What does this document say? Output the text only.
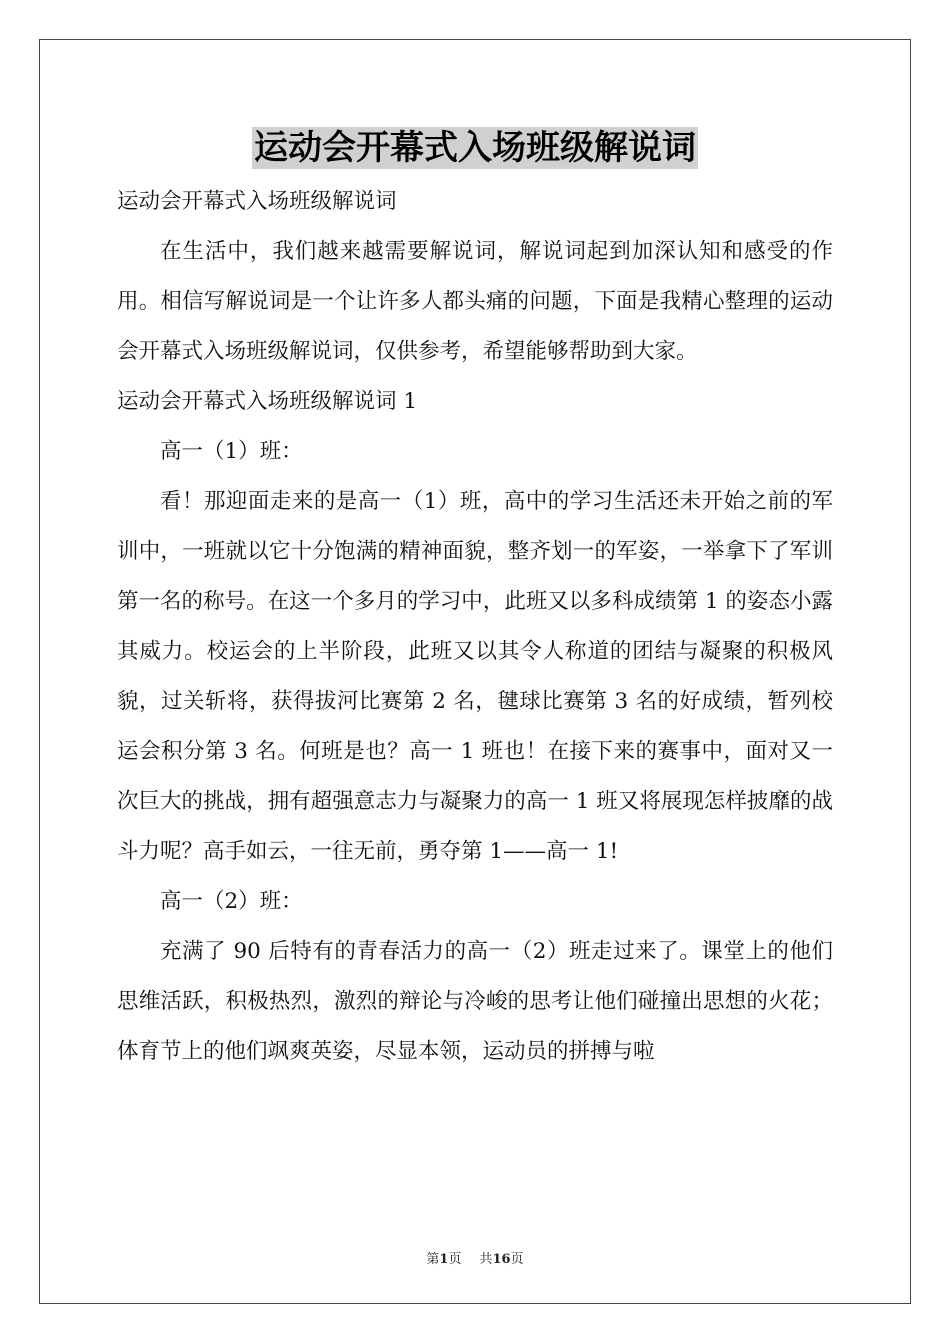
运动会开幕式入场班级解说词

运动会开幕式入场班级解说词

在生活中，我们越来越需要解说词，解说词起到加深认知和感受的作用。相信写解说词是一个让许多人都头痛的问题，下面是我精心整理的运动会开幕式入场班级解说词，仅供参考，希望能够帮助到大家。

运动会开幕式入场班级解说词 1

高一（1）班：

看！那迎面走来的是高一（1）班，高中的学习生活还未开始之前的军训中，一班就以它十分饱满的精神面貌，整齐划一的军姿，一举拿下了军训第一名的称号。在这一个多月的学习中，此班又以多科成绩第 1 的姿态小露其威力。校运会的上半阶段，此班又以其令人称道的团结与凝聚的积极风貌，过关斩将，获得拔河比赛第 2 名，毽球比赛第 3 名的好成绩，暂列校运会积分第 3 名。何班是也？高一 1 班也！在接下来的赛事中，面对又一次巨大的挑战，拥有超强意志力与凝聚力的高一 1 班又将展现怎样披靡的战斗力呢？高手如云，一往无前，勇夺第 1——高一 1!

高一（2）班：

充满了 90 后特有的青春活力的高一（2）班走过来了。课堂上的他们思维活跃，积极热烈，激烈的辩论与冷峻的思考让他们碰撞出思想的火花；体育节上的他们飒爽英姿，尽显本领，运动员的拼搏与啦

第1页 共16页
